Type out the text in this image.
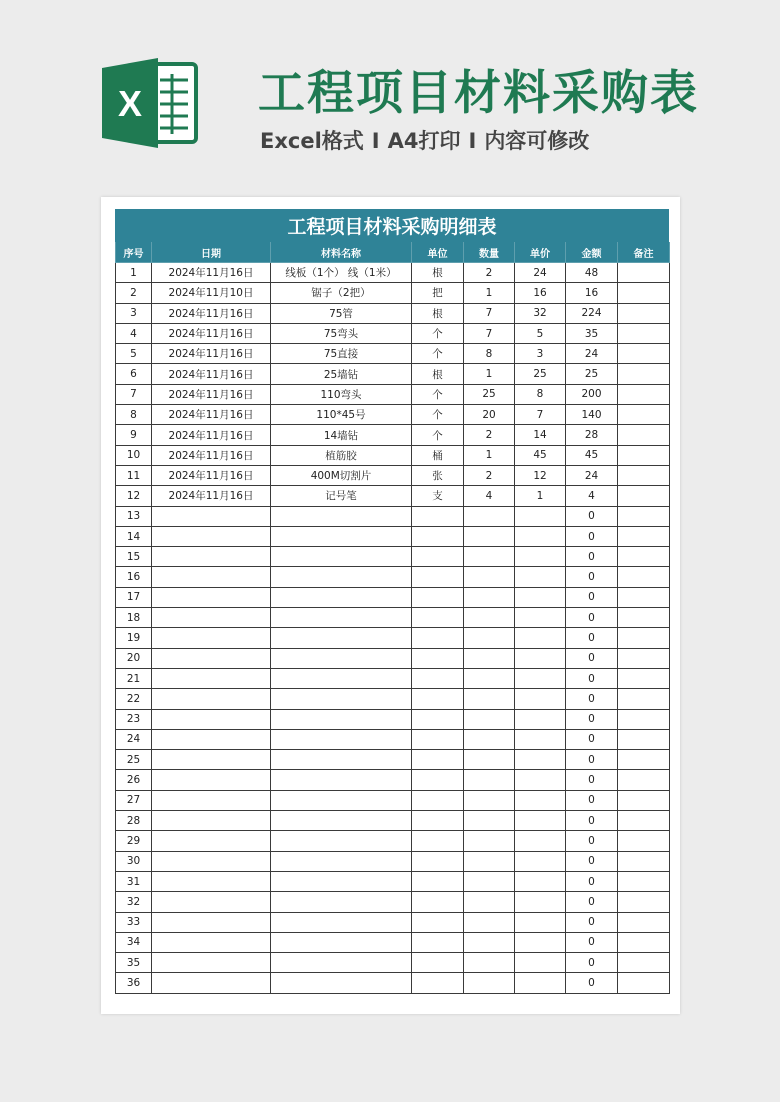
X 工程项目材料采购表
Excel格式 I A4打印 I 内容可修改
工程项目材料采购明细表
序号	日期	材料名称	单位	数量	单价	金额	备注
1	2024年11月16日	线板（1个） 线（1米）	根	2	24	48	
2	2024年11月10日	锯子（2把）	把	1	16	16	
3	2024年11月16日	75管	根	7	32	224	
4	2024年11月16日	75弯头	个	7	5	35	
5	2024年11月16日	75直接	个	8	3	24	
6	2024年11月16日	25墙钻	根	1	25	25	
7	2024年11月16日	110弯头	个	25	8	200	
8	2024年11月16日	110*45号	个	20	7	140	
9	2024年11月16日	14墙钻	个	2	14	28	
10	2024年11月16日	植筋胶	桶	1	45	45	
11	2024年11月16日	400M切割片	张	2	12	24	
12	2024年11月16日	记号笔	支	4	1	4	
13						0	
14						0	
15						0	
16						0	
17						0	
18						0	
19						0	
20						0	
21						0	
22						0	
23						0	
24						0	
25						0	
26						0	
27						0	
28						0	
29						0	
30						0	
31						0	
32						0	
33						0	
34						0	
35						0	
36						0	
